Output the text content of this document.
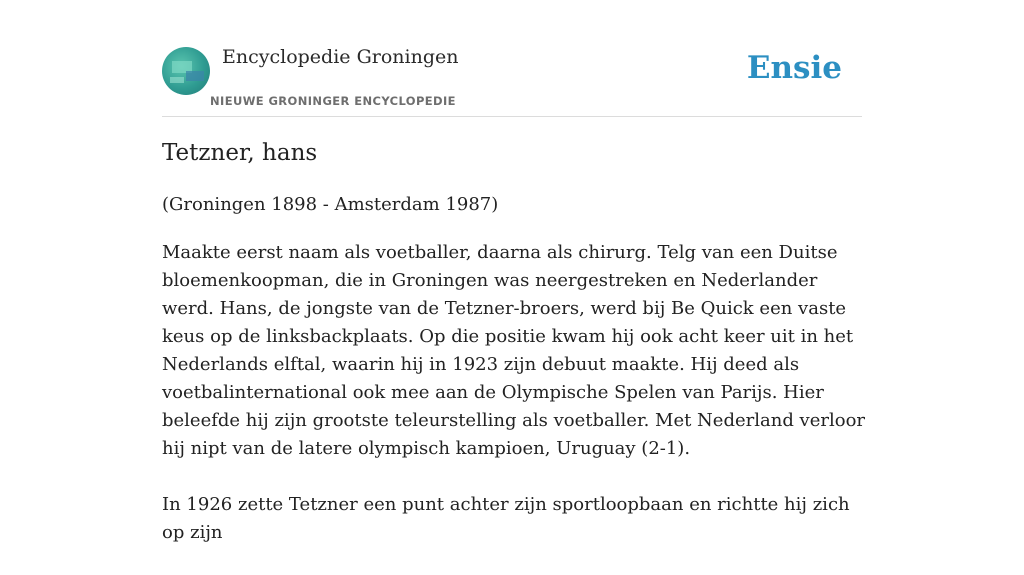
Encyclopedie Groningen
NIEUWE GRONINGER ENCYCLOPEDIE
Ensie
Tetzner, hans
(Groningen 1898 - Amsterdam 1987)

Maakte eerst naam als voetballer, daarna als chirurg. Telg van een Duitse bloemenkoopman, die in Groningen was neergestreken en Nederlander werd. Hans, de jongste van de Tetzner-broers, werd bij Be Quick een vaste keus op de linksbackplaats. Op die positie kwam hij ook acht keer uit in het Nederlands elftal, waarin hij in 1923 zijn debuut maakte. Hij deed als voetbalinternational ook mee aan de Olympische Spelen van Parijs. Hier beleefde hij zijn grootste teleurstelling als voetballer. Met Nederland verloor hij nipt van de latere olympisch kampioen, Uruguay (2-1).

In 1926 zette Tetzner een punt achter zijn sportloopbaan en richtte hij zich op zijn
